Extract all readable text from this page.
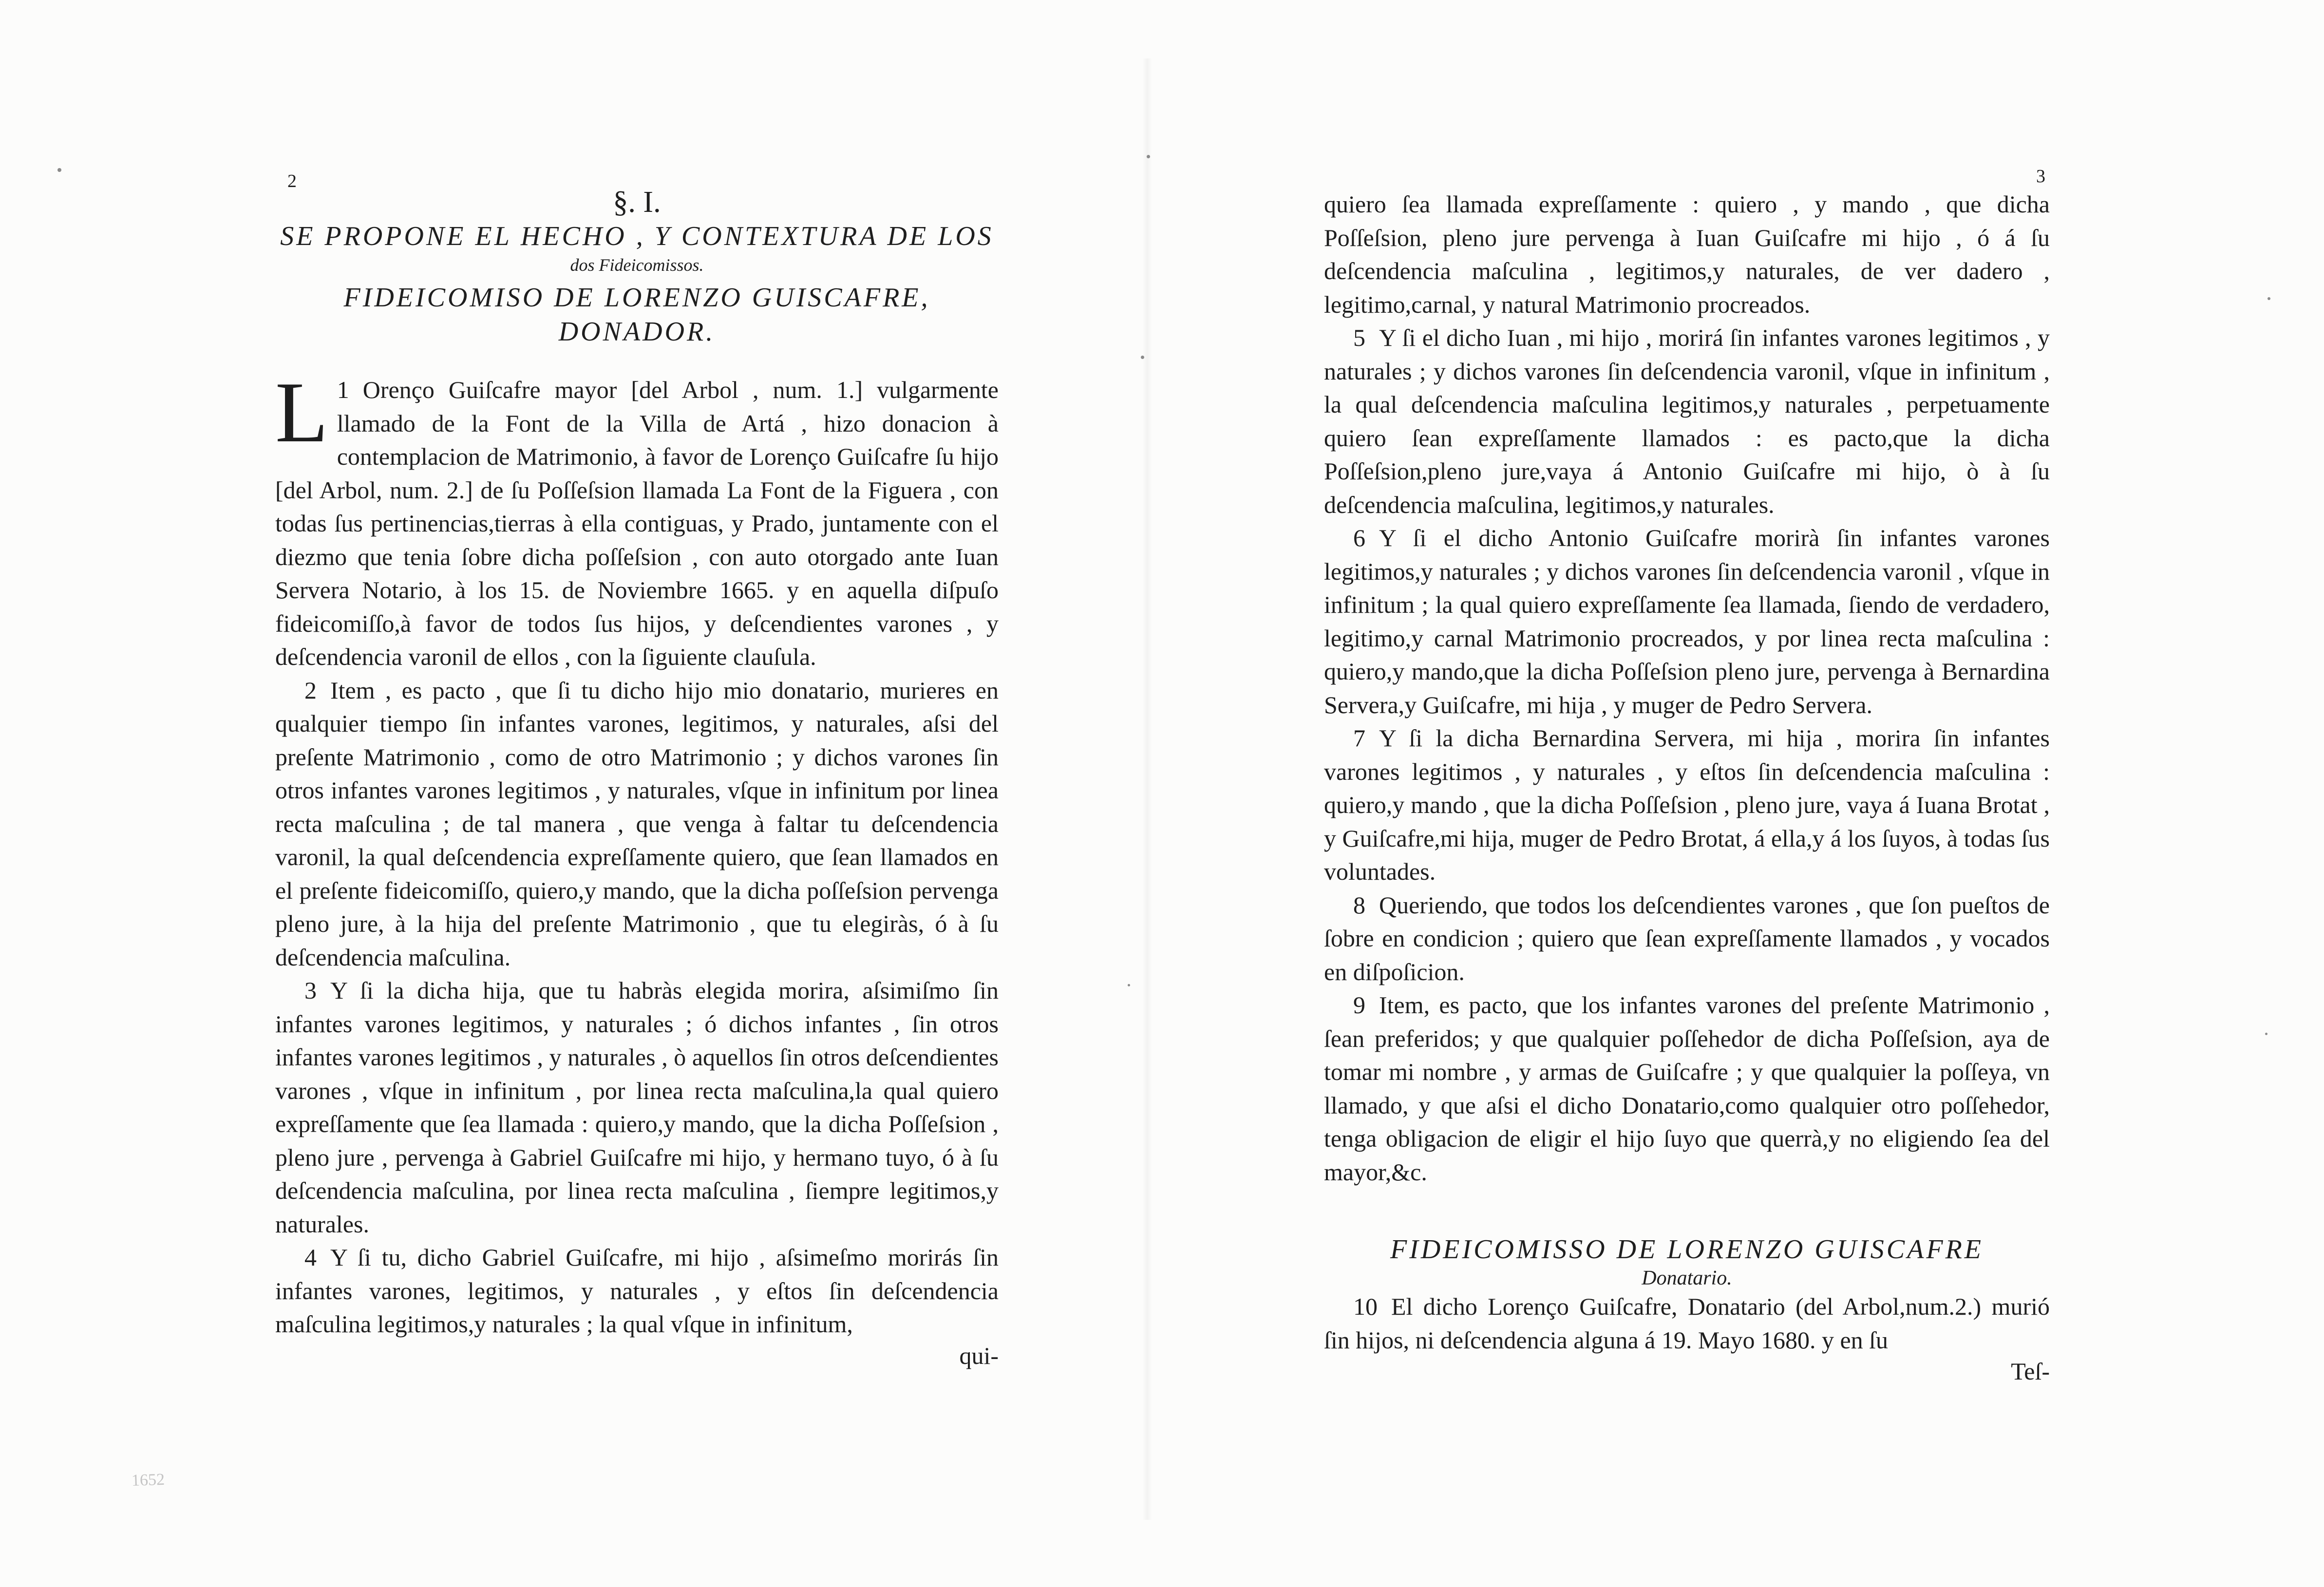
1652
2	3
§. I.
SE PROPONE EL HECHO , Y CONTEXTURA DE LOS
dos Fideicomissos.
FIDEICOMISO DE LORENZO GUISCAFRE, DONADOR.

1
L Orenço Guiſcafre mayor [del Arbol , num. 1.] vulgarmente llamado de la Font de la Villa de Artá , hizo donacion à contemplacion de Matrimonio, à favor de Lorenço Guiſcafre ſu hijo [del Arbol, num. 2.] de ſu Poſſeſsion llamada La Font de la Figuera , con todas ſus pertinencias,tierras à ella contiguas, y Prado, juntamente con el diezmo que tenia ſobre dicha poſſeſsion , con auto otorgado ante Iuan Servera Notario, à los 15. de Noviembre 1665. y en aquella diſpuſo fideicomiſſo,à favor de todos ſus hijos, y deſcendientes varones , y deſcendencia varonil de ellos , con la ſiguiente clauſula.

2 Item , es pacto , que ſi tu dicho hijo mio donatario, murieres en qualquier tiempo ſin infantes varones, legitimos, y naturales, aſsi del preſente Matrimonio , como de otro Matrimonio ; y dichos varones ſin otros infantes varones legitimos , y naturales, vſque in infinitum por linea recta maſculina ; de tal manera , que venga à faltar tu deſcendencia varonil, la qual deſcendencia expreſſamente quiero, que ſean llamados en el preſente fideicomiſſo, quiero,y mando, que la dicha poſſeſsion pervenga pleno jure, à la hija del preſente Matrimonio , que tu elegiràs, ó à ſu deſcendencia maſculina.

3 Y ſi la dicha hija, que tu habràs elegida morira, aſsimiſmo ſin infantes varones legitimos, y naturales ; ó dichos infantes , ſin otros infantes varones legitimos , y naturales , ò aquellos ſin otros deſcendientes varones , vſque in infinitum , por linea recta maſculina,la qual quiero expreſſamente que ſea llamada : quiero,y mando, que la dicha Poſſeſsion , pleno jure , pervenga à Gabriel Guiſcafre mi hijo, y hermano tuyo, ó à ſu deſcendencia maſculina, por linea recta maſculina , ſiempre legitimos,y naturales.

4 Y ſi tu, dicho Gabriel Guiſcafre, mi hijo , aſsimeſmo morirás ſin infantes varones, legitimos, y naturales , y eſtos ſin deſcendencia maſculina legitimos,y naturales ; la qual vſque in infinitum,

qui-

quiero ſea llamada expreſſamente : quiero , y mando , que dicha Poſſeſsion, pleno jure pervenga à Iuan Guiſcafre mi hijo , ó á ſu deſcendencia maſculina , legitimos,y naturales, de ver dadero , legitimo,carnal, y natural Matrimonio procreados.

5 Y ſi el dicho Iuan , mi hijo , morirá ſin infantes varones legitimos , y naturales ; y dichos varones ſin deſcendencia varonil, vſque in infinitum , la qual deſcendencia maſculina legitimos,y naturales , perpetuamente quiero ſean expreſſamente llamados : es pacto,que la dicha Poſſeſsion,pleno jure,vaya á Antonio Guiſcafre mi hijo, ò à ſu deſcendencia maſculina, legitimos,y naturales.

6 Y ſi el dicho Antonio Guiſcafre morirà ſin infantes varones legitimos,y naturales ; y dichos varones ſin deſcendencia varonil , vſque in infinitum ; la qual quiero expreſſamente ſea llamada, ſiendo de verdadero, legitimo,y carnal Matrimonio procreados, y por linea recta maſculina : quiero,y mando,que la dicha Poſſeſsion pleno jure, pervenga à Bernardina Servera,y Guiſcafre, mi hija , y muger de Pedro Servera.

7 Y ſi la dicha Bernardina Servera, mi hija , morira ſin infantes varones legitimos , y naturales , y eſtos ſin deſcendencia maſculina : quiero,y mando , que la dicha Poſſeſsion , pleno jure, vaya á Iuana Brotat , y Guiſcafre,mi hija, muger de Pedro Brotat, á ella,y á los ſuyos, à todas ſus voluntades.

8 Queriendo, que todos los deſcendientes varones , que ſon pueſtos de ſobre en condicion ; quiero que ſean expreſſamente llamados , y vocados en diſpoſicion.

9 Item, es pacto, que los infantes varones del preſente Matrimonio , ſean preferidos; y que qualquier poſſehedor de dicha Poſſeſsion, aya de tomar mi nombre , y armas de Guiſcafre ; y que qualquier la poſſeya, vn llamado, y que aſsi el dicho Donatario,como qualquier otro poſſehedor, tenga obligacion de eligir el hijo ſuyo que querrà,y no eligiendo ſea del mayor,&c.

FIDEICOMISSO DE LORENZO GUISCAFRE
Donatario.

10 El dicho Lorenço Guiſcafre, Donatario (del Arbol,num.2.) murió ſin hijos, ni deſcendencia alguna á 19. Mayo 1680. y en ſu

Teſ-
